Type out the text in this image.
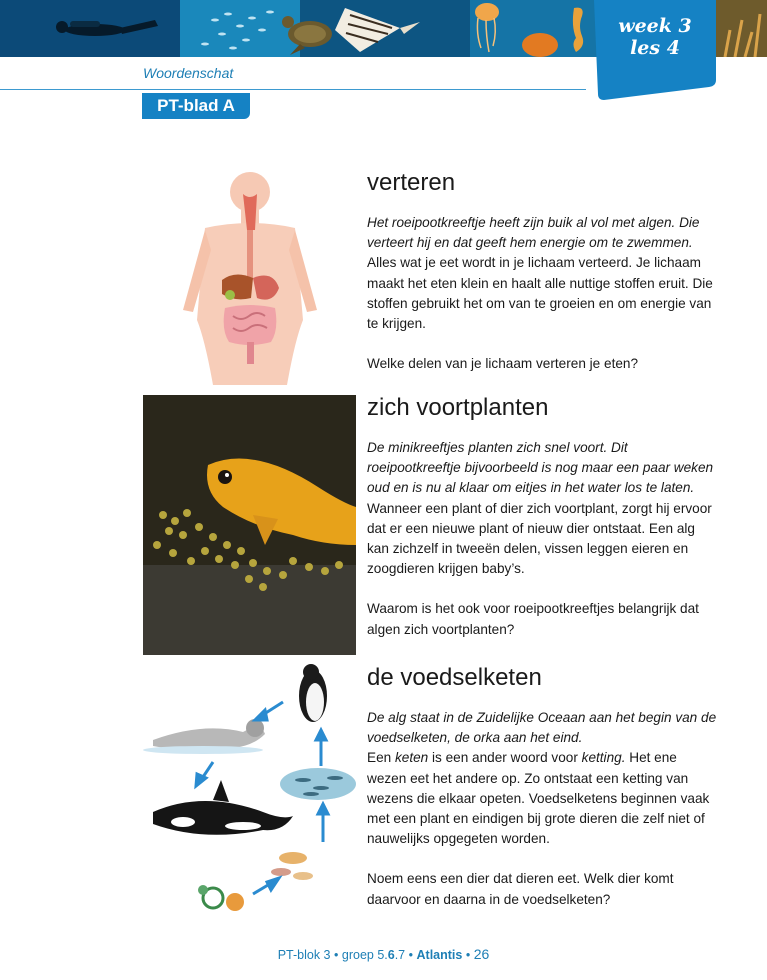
week 3
les 4
Woordenschat
PT-blad A
verteren
Het roeipootkreeftje heeft zijn buik al vol met algen. Die verteert hij en dat geeft hem energie om te zwemmen.
Alles wat je eet wordt in je lichaam verteerd. Je lichaam maakt het eten klein en haalt alle nuttige stoffen eruit. Die stoffen gebruikt het om van te groeien en om energie van te krijgen.
Welke delen van je lichaam verteren je eten?
zich voortplanten
De minikreeftjes planten zich snel voort. Dit roeipootkreeftje bijvoorbeeld is nog maar een paar weken oud en is nu al klaar om eitjes in het water los te laten.
Wanneer een plant of dier zich voortplant, zorgt hij ervoor dat er een nieuwe plant of nieuw dier ontstaat. Een alg kan zichzelf in tweeën delen, vissen leggen eieren en zoogdieren krijgen baby’s.
Waarom is het ook voor roeipootkreeftjes belangrijk dat algen zich voortplanten?
de voedselketen
De alg staat in de Zuidelijke Oceaan aan het begin van de voedselketen, de orka aan het eind.
Een keten is een ander woord voor ketting. Het ene wezen eet het andere op. Zo ontstaat een ketting van wezens die elkaar opeten. Voedselketens beginnen vaak met een plant en eindigen bij grote dieren die zelf niet of nauwelijks opgegeten worden.
Noem eens een dier dat dieren eet. Welk dier komt daarvoor en daarna in de voedselketen?
PT-blok 3 • groep 5.6.7 • Atlantis • 26
